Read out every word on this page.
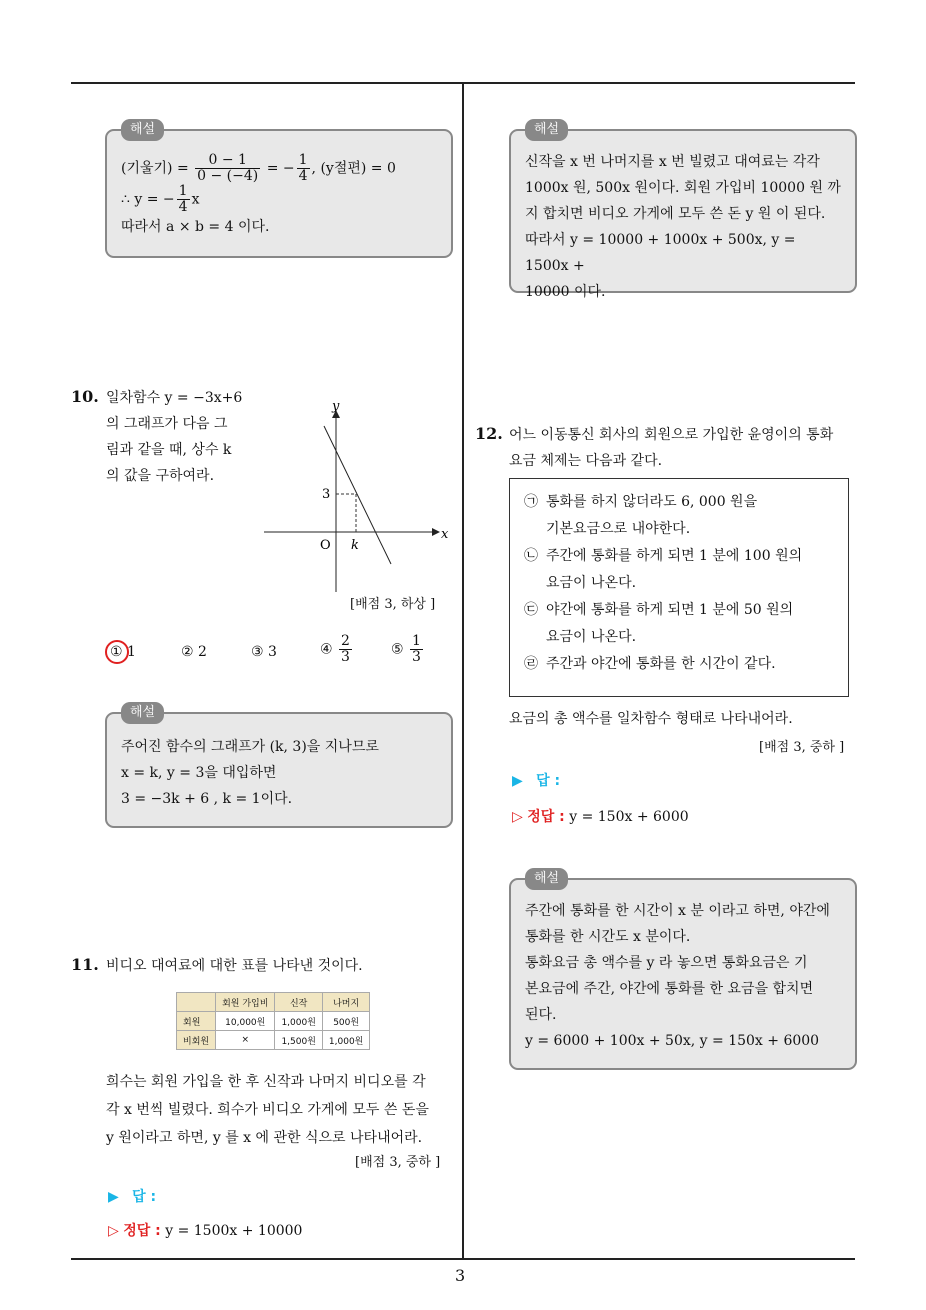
3
해설
(기울기) = $\frac{0 - 1}{0 - (-4)}$ = − $\frac{1}{4}$ , (y절편) = 0
∴ y = − $\frac{1}{4}$ x
따라서 a × b = 4 이다.
10. 일차함수 y = −3x+6
의 그래프가 다음 그
림과 같을 때, 상수 k
의 값을 구하여라.
y
x
O k
3
[배점 3, 하상 ]
① 1	② 2	③ 3	④ $\frac{2}{3}$	⑤ $\frac{1}{3}$
해설
주어진 함수의 그래프가 (k, 3)을 지나므로
x = k, y = 3을 대입하면
3 = −3k + 6 , k = 1이다.
11. 비디오 대여료에 대한 표를 나타낸 것이다.
	회원 가입비	신작	나머지
회원	10,000원	1,000원	500원
비회원	×	1,500원	1,000원
희수는 회원 가입을 한 후 신작과 나머지 비디오를 각
각 x 번씩 빌렸다. 희수가 비디오 가게에 모두 쓴 돈을
y 원이라고 하면, y 를 x 에 관한 식으로 나타내어라.
[배점 3, 중하 ]
▶ 답 :
▷ 정답 : y = 1500x + 10000
해설
신작을 x 번 나머지를 x 번 빌렸고 대여료는 각각
1000x 원, 500x 원이다. 회원 가입비 10000 원 까
지 합치면 비디오 가게에 모두 쓴 돈 y 원 이 된다.
따라서 y = 10000 + 1000x + 500x, y = 1500x +
10000 이다.
12. 어느 이동통신 회사의 회원으로 가입한 윤영이의 통화
요금 체제는 다음과 같다.
㉠ 통화를 하지 않더라도 6, 000 원을
기본요금으로 내야한다.
㉡ 주간에 통화를 하게 되면 1 분에 100 원의
요금이 나온다.
㉢ 야간에 통화를 하게 되면 1 분에 50 원의
요금이 나온다.
㉣ 주간과 야간에 통화를 한 시간이 같다.
요금의 총 액수를 일차함수 형태로 나타내어라.
[배점 3, 중하 ]
▶ 답 :
▷ 정답 : y = 150x + 6000
해설
주간에 통화를 한 시간이 x 분 이라고 하면, 야간에
통화를 한 시간도 x 분이다.
통화요금 총 액수를 y 라 놓으면 통화요금은 기
본요금에 주간, 야간에 통화를 한 요금을 합치면
된다.
y = 6000 + 100x + 50x, y = 150x + 6000
